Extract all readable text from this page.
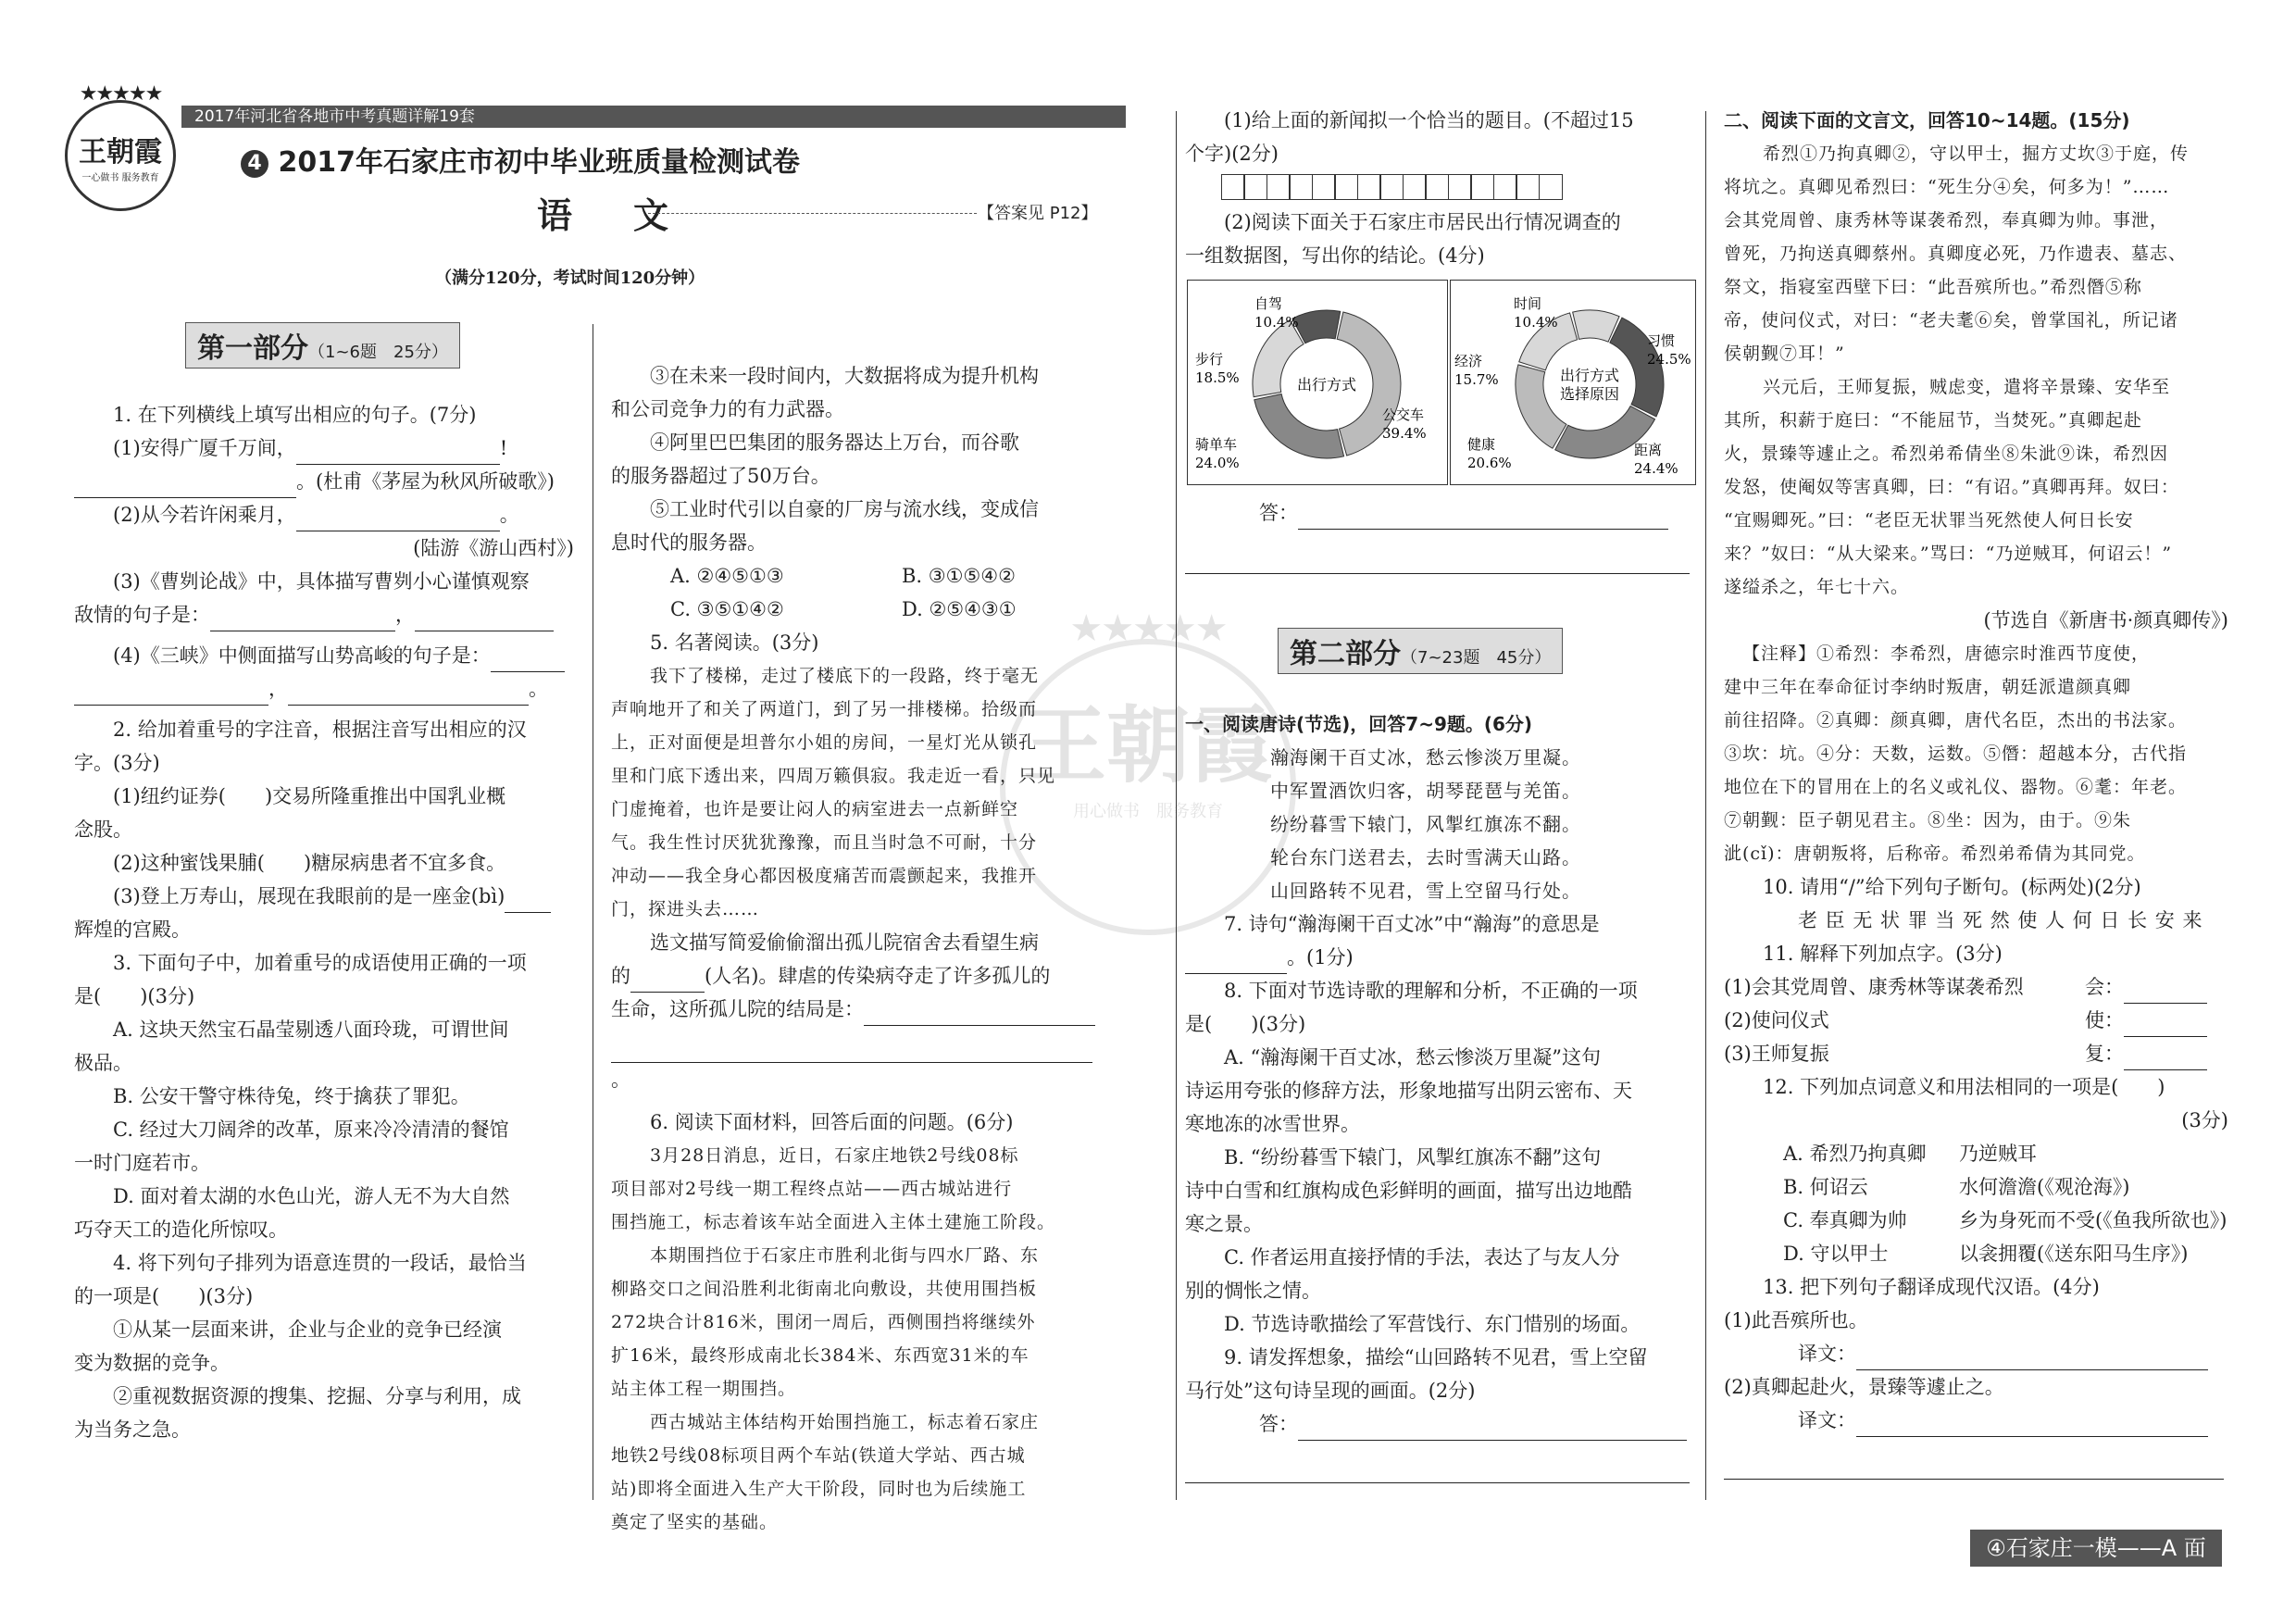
2017年河北省各地市中考真题详解19套
★★★★★
王朝霞
一心做书 服务教育
4 2017年石家庄市初中毕业班质量检测试卷
语　文	【答案见 P12】
（满分120分，考试时间120分钟）
★★★★★
王朝霞
用心做书　服务教育
第一部分（1~6题　25分）

1. 在下列横线上填写出相应的句子。(7分)

(1)安得广厦千万间，	!

。(杜甫《茅屋为秋风所破歌》)

(2)从今若许闲乘月，	。

(陆游《游山西村》)

(3)《曹刿论战》中，具体描写曹刿小心谨慎观察

敌情的句子是：	，

(4)《三峡》中侧面描写山势高峻的句子是：

，	。

2. 给加着重号的字注音，根据注音写出相应的汉

字。(3分)

(1)纽约证券(　　)交易所隆重推出中国乳业概

念股。

(2)这种蜜饯果脯(　　)糖尿病患者不宜多食。

(3)登上万寿山，展现在我眼前的是一座金(bì)

辉煌的宫殿。

3. 下面句子中，加着重号的成语使用正确的一项

是(　　)(3分)

A. 这块天然宝石晶莹剔透八面玲珑，可谓世间

极品。

B. 公安干警守株待兔，终于擒获了罪犯。

C. 经过大刀阔斧的改革，原来冷冷清清的餐馆

一时门庭若市。

D. 面对着太湖的水色山光，游人无不为大自然

巧夺天工的造化所惊叹。

4. 将下列句子排列为语意连贯的一段话，最恰当

的一项是(　　)(3分)

①从某一层面来讲，企业与企业的竞争已经演

变为数据的竞争。

②重视数据资源的搜集、挖掘、分享与利用，成

为当务之急。

③在未来一段时间内，大数据将成为提升机构

和公司竞争力的有力武器。

④阿里巴巴集团的服务器达上万台，而谷歌

的服务器超过了50万台。

⑤工业时代引以自豪的厂房与流水线，变成信

息时代的服务器。

A. ②④⑤①③	B. ③①⑤④②
C. ③⑤①④②	D. ②⑤④③①

5. 名著阅读。(3分)

我下了楼梯，走过了楼底下的一段路，终于毫无

声响地开了和关了两道门，到了另一排楼梯。拾级而

上，正对面便是坦普尔小姐的房间，一星灯光从锁孔

里和门底下透出来，四周万籁俱寂。我走近一看，只见

门虚掩着，也许是要让闷人的病室进去一点新鲜空

气。我生性讨厌犹犹豫豫，而且当时急不可耐，十分

冲动——我全身心都因极度痛苦而震颤起来，我推开

门，探进头去……

选文描写简爱偷偷溜出孤儿院宿舍去看望生病

的	(人名)。肆虐的传染病夺走了许多孤儿的

生命，这所孤儿院的结局是：

。

6. 阅读下面材料，回答后面的问题。(6分)

3月28日消息，近日，石家庄地铁2号线08标

项目部对2号线一期工程终点站——西古城站进行

围挡施工，标志着该车站全面进入主体土建施工阶段。

本期围挡位于石家庄市胜利北街与四水厂路、东

柳路交口之间沿胜利北街南北向敷设，共使用围挡板

272块合计816米，围闭一周后，西侧围挡将继续外

扩16米，最终形成南北长384米、东西宽31米的车

站主体工程一期围挡。

西古城站主体结构开始围挡施工，标志着石家庄

地铁2号线08标项目两个车站(铁道大学站、西古城

站)即将全面进入生产大干阶段，同时也为后续施工

奠定了坚实的基础。

(1)给上面的新闻拟一个恰当的题目。(不超过15

个字)(2分)

(2)阅读下面关于石家庄市居民出行情况调查的

一组数据图，写出你的结论。(4分)

自驾
10.4%
公交车
39.4%
骑单车
24.0%
步行
18.5%	出行方式
时间
10.4%
习惯
24.5%
距离
24.4%
健康
20.6%
经济
15.7%	出行方式
选择原因

答：

第二部分（7~23题　45分）

一、阅读唐诗(节选)，回答7~9题。(6分)

瀚海阑干百丈冰，愁云惨淡万里凝。

中军置酒饮归客，胡琴琵琶与羌笛。

纷纷暮雪下辕门，风掣红旗冻不翻。

轮台东门送君去，去时雪满天山路。

山回路转不见君，雪上空留马行处。

7. 诗句“瀚海阑干百丈冰”中“瀚海”的意思是

。(1分)

8. 下面对节选诗歌的理解和分析，不正确的一项

是(　　)(3分)

A. “瀚海阑干百丈冰，愁云惨淡万里凝”这句

诗运用夸张的修辞方法，形象地描写出阴云密布、天

寒地冻的冰雪世界。

B. “纷纷暮雪下辕门，风掣红旗冻不翻”这句

诗中白雪和红旗构成色彩鲜明的画面，描写出边地酷

寒之景。

C. 作者运用直接抒情的手法，表达了与友人分

别的惆怅之情。

D. 节选诗歌描绘了军营饯行、东门惜别的场面。

9. 请发挥想象，描绘“山回路转不见君，雪上空留

马行处”这句诗呈现的画面。(2分)

答：

二、阅读下面的文言文，回答10~14题。(15分)

希烈①乃拘真卿②，守以甲士，掘方丈坎③于庭，传

将坑之。真卿见希烈曰：“死生分④矣，何多为！”……

会其党周曾、康秀林等谋袭希烈，奉真卿为帅。事泄，

曾死，乃拘送真卿蔡州。真卿度必死，乃作遗表、墓志、

祭文，指寝室西壁下曰：“此吾殡所也。”希烈僭⑤称

帝，使问仪式，对曰：“老夫耄⑥矣，曾掌国礼，所记诸

侯朝觐⑦耳！”

兴元后，王师复振，贼虑变，遣将辛景臻、安华至

其所，积薪于庭曰：“不能屈节，当焚死。”真卿起赴

火，景臻等遽止之。希烈弟希倩坐⑧朱泚⑨诛，希烈因

发怒，使阉奴等害真卿，曰：“有诏。”真卿再拜。奴曰：

“宜赐卿死。”曰：“老臣无状罪当死然使人何日长安

来？”奴曰：“从大梁来。”骂曰：“乃逆贼耳，何诏云！”

遂缢杀之，年七十六。

(节选自《新唐书·颜真卿传》)

【注释】①希烈：李希烈，唐德宗时淮西节度使，

建中三年在奉命征讨李纳时叛唐，朝廷派遣颜真卿

前往招降。②真卿：颜真卿，唐代名臣，杰出的书法家。

③坎：坑。④分：天数，运数。⑤僭：超越本分，古代指

地位在下的冒用在上的名义或礼仪、器物。⑥耄：年老。

⑦朝觐：臣子朝见君主。⑧坐：因为，由于。⑨朱

泚(cǐ)：唐朝叛将，后称帝。希烈弟希倩为其同党。

10. 请用“/”给下列句子断句。(标两处)(2分)

老 臣 无 状 罪 当 死 然 使 人 何 日 长 安 来

11. 解释下列加点字。(3分)

(1)会其党周曾、康秀林等谋袭希烈	会：
(2)使问仪式	使：
(3)王师复振	复：

12. 下列加点词意义和用法相同的一项是(　　)

(3分)

A. 希烈乃拘真卿	乃逆贼耳
B. 何诏云	水何澹澹(《观沧海》)
C. 奉真卿为帅	乡为身死而不受(《鱼我所欲也》)
D. 守以甲士	以衾拥覆(《送东阳马生序》)

13. 把下列句子翻译成现代汉语。(4分)

(1)此吾殡所也。

译文：

(2)真卿起赴火，景臻等遽止之。

译文：

④石家庄一模——A 面
